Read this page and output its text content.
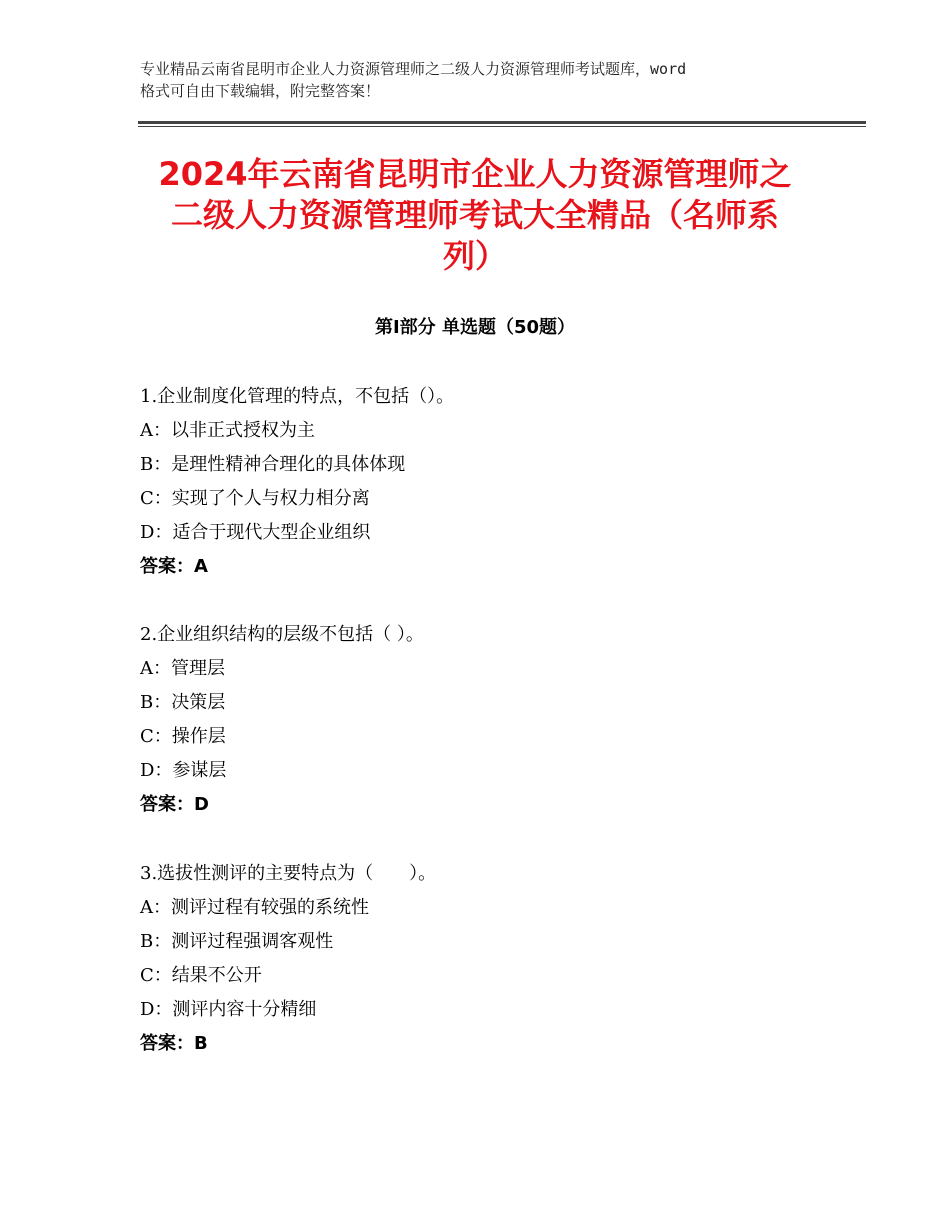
专业精品云南省昆明市企业人力资源管理师之二级人力资源管理师考试题库，word
格式可自由下载编辑，附完整答案！
2024年云南省昆明市企业人力资源管理师之
二级人力资源管理师考试大全精品（名师系
列）
第Ⅰ部分 单选题（50题）
1.企业制度化管理的特点，不包括（）。
A：以非正式授权为主
B：是理性精神合理化的具体体现
C：实现了个人与权力相分离
D：适合于现代大型企业组织
答案：A
2.企业组织结构的层级不包括（ ）。
A：管理层
B：决策层
C：操作层
D：参谋层
答案：D
3.选拔性测评的主要特点为（　　）。
A：测评过程有较强的系统性
B：测评过程强调客观性
C：结果不公开
D：测评内容十分精细
答案：B
